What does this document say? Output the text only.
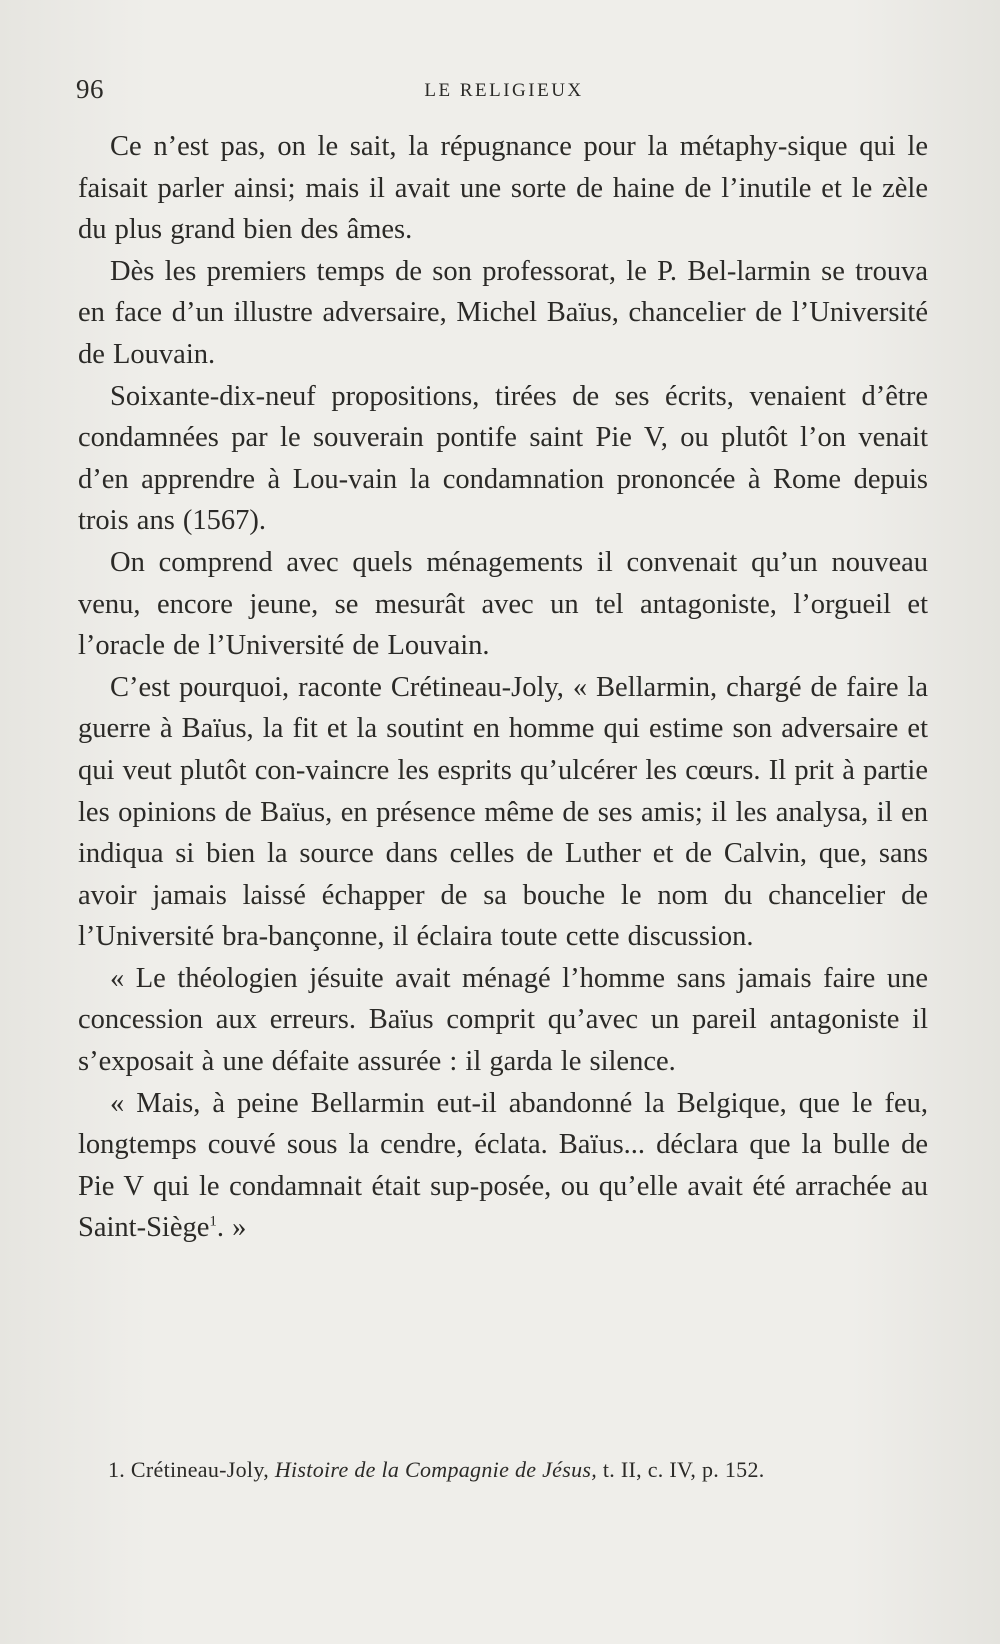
96	LE RELIGIEUX

Ce n’est pas, on le sait, la répugnance pour la métaphy-sique qui le faisait parler ainsi; mais il avait une sorte de haine de l’inutile et le zèle du plus grand bien des âmes.

Dès les premiers temps de son professorat, le P. Bel-larmin se trouva en face d’un illustre adversaire, Michel Baïus, chancelier de l’Université de Louvain.

Soixante-dix-neuf propositions, tirées de ses écrits, venaient d’être condamnées par le souverain pontife saint Pie V, ou plutôt l’on venait d’en apprendre à Lou-vain la condamnation prononcée à Rome depuis trois ans (1567).

On comprend avec quels ménagements il convenait qu’un nouveau venu, encore jeune, se mesurât avec un tel antagoniste, l’orgueil et l’oracle de l’Université de Louvain.

C’est pourquoi, raconte Crétineau-Joly, « Bellarmin, chargé de faire la guerre à Baïus, la fit et la soutint en homme qui estime son adversaire et qui veut plutôt con-vaincre les esprits qu’ulcérer les cœurs. Il prit à partie les opinions de Baïus, en présence même de ses amis; il les analysa, il en indiqua si bien la source dans celles de Luther et de Calvin, que, sans avoir jamais laissé échapper de sa bouche le nom du chancelier de l’Université bra-bançonne, il éclaira toute cette discussion.

« Le théologien jésuite avait ménagé l’homme sans jamais faire une concession aux erreurs. Baïus comprit qu’avec un pareil antagoniste il s’exposait à une défaite assurée : il garda le silence.

« Mais, à peine Bellarmin eut-il abandonné la Belgique, que le feu, longtemps couvé sous la cendre, éclata. Baïus... déclara que la bulle de Pie V qui le condamnait était sup-posée, ou qu’elle avait été arrachée au Saint-Siège$^1$. »

1. Crétineau-Joly, Histoire de la Compagnie de Jésus, t. II, c. IV, p. 152.
